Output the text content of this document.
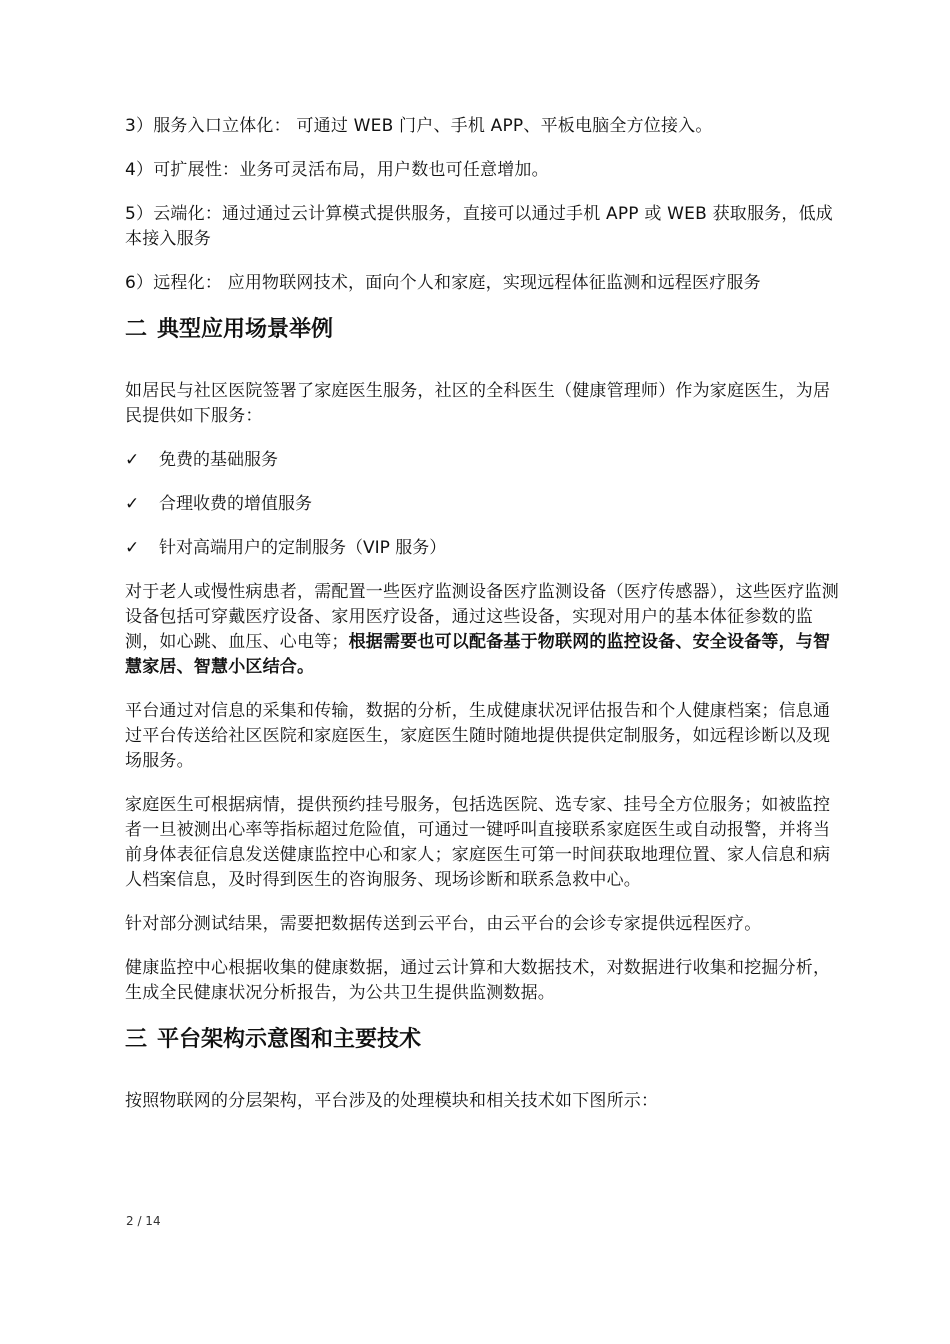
3）服务入口立体化： 可通过 WEB 门户、手机 APP、平板电脑全方位接入。

4）可扩展性：业务可灵活布局，用户数也可任意增加。

5）云端化：通过通过云计算模式提供服务，直接可以通过手机 APP 或 WEB 获取服务，低成本接入服务

6）远程化： 应用物联网技术，面向个人和家庭，实现远程体征监测和远程医疗服务

二 典型应用场景举例

如居民与社区医院签署了家庭医生服务，社区的全科医生（健康管理师）作为家庭医生，为居民提供如下服务：

✓	免费的基础服务
✓	合理收费的增值服务
✓	针对高端用户的定制服务（VIP 服务）

对于老人或慢性病患者，需配置一些医疗监测设备医疗监测设备（医疗传感器），这些医疗监测设备包括可穿戴医疗设备、家用医疗设备，通过这些设备，实现对用户的基本体征参数的监测，如心跳、血压、心电等；根据需要也可以配备基于物联网的监控设备、安全设备等，与智慧家居、智慧小区结合。

平台通过对信息的采集和传输，数据的分析，生成健康状况评估报告和个人健康档案；信息通过平台传送给社区医院和家庭医生，家庭医生随时随地提供提供定制服务，如远程诊断以及现场服务。

家庭医生可根据病情，提供预约挂号服务，包括选医院、选专家、挂号全方位服务；如被监控者一旦被测出心率等指标超过危险值，可通过一键呼叫直接联系家庭医生或自动报警，并将当前身体表征信息发送健康监控中心和家人；家庭医生可第一时间获取地理位置、家人信息和病人档案信息，及时得到医生的咨询服务、现场诊断和联系急救中心。

针对部分测试结果，需要把数据传送到云平台，由云平台的会诊专家提供远程医疗。

健康监控中心根据收集的健康数据，通过云计算和大数据技术，对数据进行收集和挖掘分析，生成全民健康状况分析报告，为公共卫生提供监测数据。

三 平台架构示意图和主要技术

按照物联网的分层架构，平台涉及的处理模块和相关技术如下图所示：

2 / 14
